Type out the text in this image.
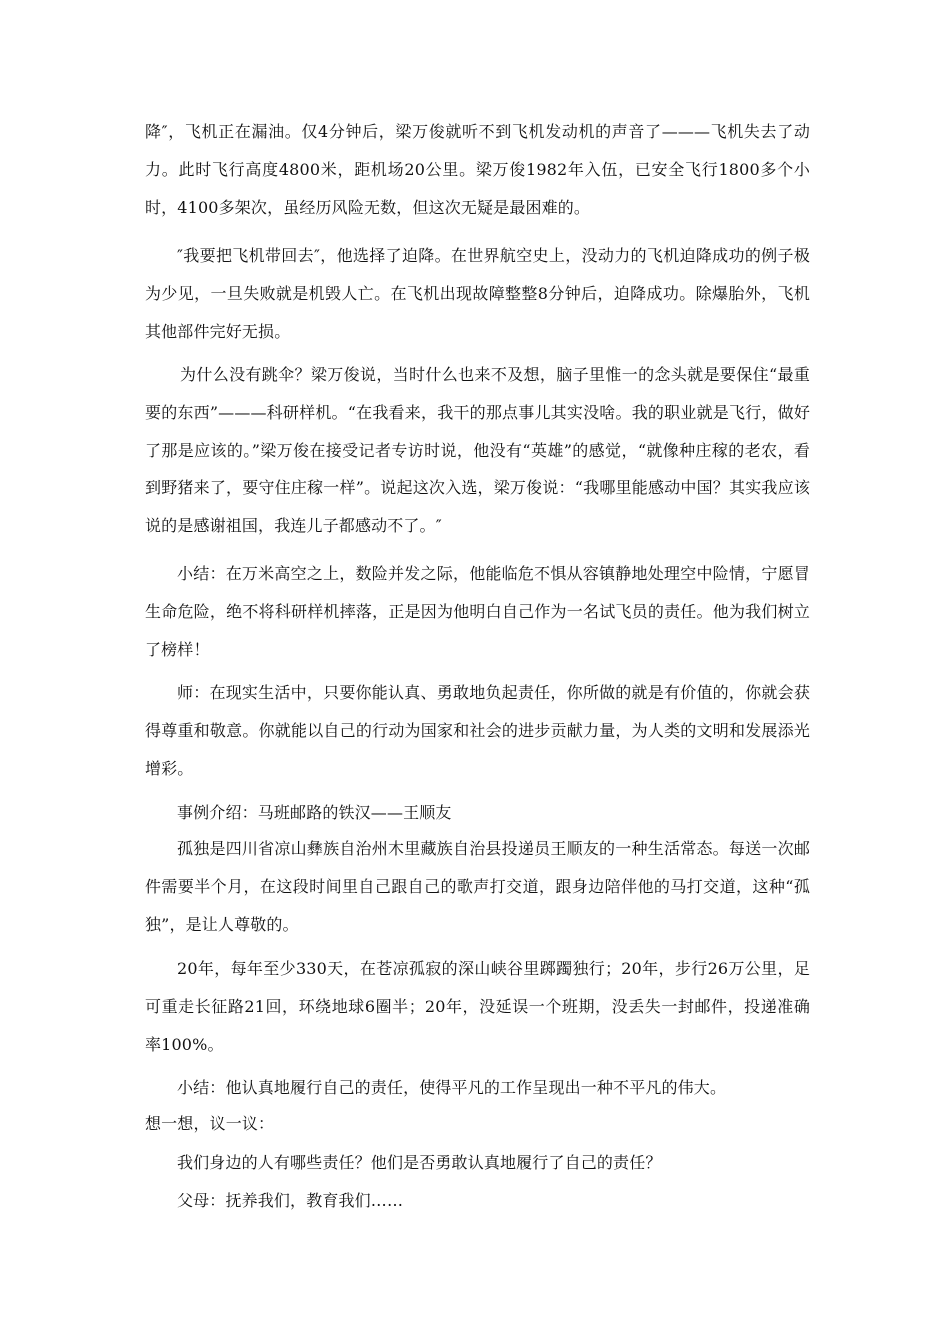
降″，飞机正在漏油。仅4分钟后，梁万俊就听不到飞机发动机的声音了———飞机失去了动力。此时飞行高度4800米，距机场20公里。梁万俊1982年入伍，已安全飞行1800多个小时，4100多架次，虽经历风险无数，但这次无疑是最困难的。

″我要把飞机带回去″，他选择了迫降。在世界航空史上，没动力的飞机迫降成功的例子极为少见，一旦失败就是机毁人亡。在飞机出现故障整整8分钟后，迫降成功。除爆胎外，飞机其他部件完好无损。

为什么没有跳伞？梁万俊说，当时什么也来不及想，脑子里惟一的念头就是要保住“最重要的东西”———科研样机。“在我看来，我干的那点事儿其实没啥。我的职业就是飞行，做好了那是应该的。”梁万俊在接受记者专访时说，他没有“英雄”的感觉，“就像种庄稼的老农，看到野猪来了，要守住庄稼一样”。说起这次入选，梁万俊说：“我哪里能感动中国？其实我应该说的是感谢祖国，我连儿子都感动不了。″

小结：在万米高空之上，数险并发之际，他能临危不惧从容镇静地处理空中险情，宁愿冒生命危险，绝不将科研样机摔落，正是因为他明白自己作为一名试飞员的责任。他为我们树立了榜样！

师：在现实生活中，只要你能认真、勇敢地负起责任，你所做的就是有价值的，你就会获得尊重和敬意。你就能以自己的行动为国家和社会的进步贡献力量，为人类的文明和发展添光增彩。

事例介绍：马班邮路的铁汉——王顺友

孤独是四川省凉山彝族自治州木里藏族自治县投递员王顺友的一种生活常态。每送一次邮件需要半个月，在这段时间里自己跟自己的歌声打交道，跟身边陪伴他的马打交道，这种“孤独”，是让人尊敬的。

20年，每年至少330天，在苍凉孤寂的深山峡谷里踯躅独行；20年，步行26万公里，足可重走长征路21回，环绕地球6圈半；20年，没延误一个班期，没丢失一封邮件，投递准确率100%。

小结：他认真地履行自己的责任，使得平凡的工作呈现出一种不平凡的伟大。

想一想，议一议：

我们身边的人有哪些责任？他们是否勇敢认真地履行了自己的责任？

父母：抚养我们，教育我们……
